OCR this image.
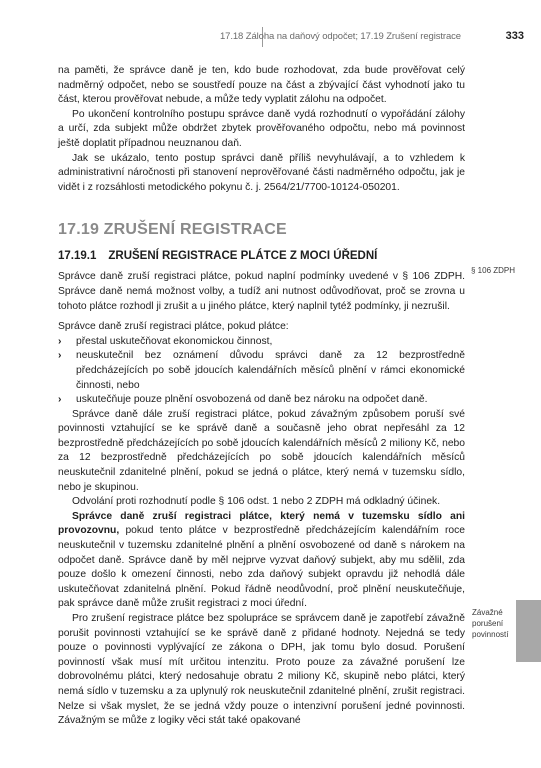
17.18 Záloha na daňový odpočet; 17.19 Zrušení registrace	333

na paměti, že správce daně je ten, kdo bude rozhodovat, zda bude prověřovat celý nadměrný odpočet, nebo se soustředí pouze na část a zbývající část vyhodnotí jako tu část, kterou prověřovat nebude, a může tedy vyplatit zálohu na odpočet.

Po ukončení kontrolního postupu správce daně vydá rozhodnutí o vypořádání zálohy a určí, zda subjekt může obdržet zbytek prověřovaného odpočtu, nebo má povinnost ještě doplatit případnou neuznanou daň.

Jak se ukázalo, tento postup správci daně příliš nevyhulávají, a to vzhledem k administrativní náročnosti při stanovení neprověřované části nadměrného odpočtu, jak je vidět i z rozsáhlosti metodického pokynu č. j. 2564/21/7700-10124-050201.

17.19 ZRUŠENÍ REGISTRACE
17.19.1 ZRUŠENÍ REGISTRACE PLÁTCE Z MOCI ÚŘEDNÍ

Správce daně zruší registraci plátce, pokud naplní podmínky uvedené v § 106 ZDPH. Správce daně nemá možnost volby, a tudíž ani nutnost odůvodňovat, proč se zrovna u tohoto plátce rozhodl ji zrušit a u jiného plátce, který naplnil tytéž podmínky, ji nezrušil.

Správce daně zruší registraci plátce, pokud plátce:

› přestal uskutečňovat ekonomickou činnost,
› neuskutečnil bez oznámení důvodu správci daně za 12 bezprostředně předcházejících po sobě jdoucích kalendářních měsíců plnění v rámci ekonomické činnosti, nebo
› uskutečňuje pouze plnění osvobozená od daně bez nároku na odpočet daně.

Správce daně dále zruší registraci plátce, pokud závažným způsobem poruší své povinnosti vztahující se ke správě daně a současně jeho obrat nepřesáhl za 12 bezprostředně předcházejících po sobě jdoucích kalendářních měsíců 2 miliony Kč, nebo za 12 bezprostředně předcházejících po sobě jdoucích kalendářních měsíců neuskutečnil zdanitelné plnění, pokud se jedná o plátce, který nemá v tuzemsku sídlo, nebo je skupinou.

Odvolání proti rozhodnutí podle § 106 odst. 1 nebo 2 ZDPH má odkladný účinek.

Správce daně zruší registraci plátce, který nemá v tuzemsku sídlo ani provozovnu, pokud tento plátce v bezprostředně předcházejícím kalendářním roce neuskutečnil v tuzemsku zdanitelné plnění a plnění osvobozené od daně s nárokem na odpočet daně. Správce daně by měl nejprve vyzvat daňový subjekt, aby mu sdělil, zda pouze došlo k omezení činnosti, nebo zda daňový subjekt opravdu již nehodlá dále uskutečňovat zdanitelná plnění. Pokud řádně neodůvodní, proč plnění neuskutečňuje, pak správce daně může zrušit registraci z moci úřední.

Pro zrušení registrace plátce bez spolupráce se správcem daně je zapotřebí závažně porušit povinnosti vztahující se ke správě daně z přidané hodnoty. Nejedná se tedy pouze o povinnosti vyplývající ze zákona o DPH, jak tomu bylo dosud. Porušení povinností však musí mít určitou intenzitu. Proto pouze za závažné porušení lze dobrovolnému plátci, který nedosahuje obratu 2 miliony Kč, skupině nebo plátci, který nemá sídlo v tuzemsku a za uplynulý rok neuskutečnil zdanitelné plnění, zrušit registraci. Nelze si však myslet, že se jedná vždy pouze o intenzivní porušení jedné povinnosti. Závažným se může z logiky věci stát také opakované

§ 106 ZDPH
Závažné
porušení
povinností
